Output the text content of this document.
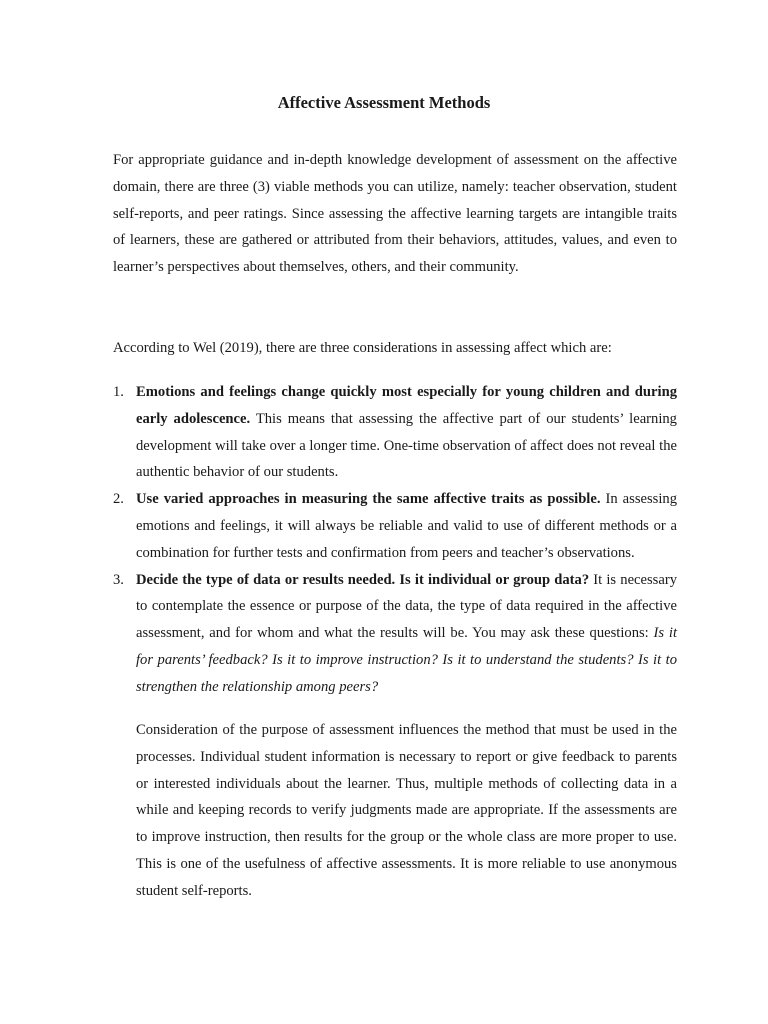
Affective Assessment Methods

For appropriate guidance and in-depth knowledge development of assessment on the affective domain, there are three (3) viable methods you can utilize, namely: teacher observation, student self-reports, and peer ratings. Since assessing the affective learning targets are intangible traits of learners, these are gathered or attributed from their behaviors, attitudes, values, and even to learner’s perspectives about themselves, others, and their community.

According to Wel (2019), there are three considerations in assessing affect which are:

1. Emotions and feelings change quickly most especially for young children and during early adolescence. This means that assessing the affective part of our students’ learning development will take over a longer time. One-time observation of affect does not reveal the authentic behavior of our students.
2. Use varied approaches in measuring the same affective traits as possible. In assessing emotions and feelings, it will always be reliable and valid to use of different methods or a combination for further tests and confirmation from peers and teacher’s observations.
3. Decide the type of data or results needed. Is it individual or group data? It is necessary to contemplate the essence or purpose of the data, the type of data required in the affective assessment, and for whom and what the results will be. You may ask these questions: Is it for parents’ feedback? Is it to improve instruction? Is it to understand the students? Is it to strengthen the relationship among peers?

Consideration of the purpose of assessment influences the method that must be used in the processes. Individual student information is necessary to report or give feedback to parents or interested individuals about the learner. Thus, multiple methods of collecting data in a while and keeping records to verify judgments made are appropriate. If the assessments are to improve instruction, then results for the group or the whole class are more proper to use. This is one of the usefulness of affective assessments. It is more reliable to use anonymous student self-reports.
